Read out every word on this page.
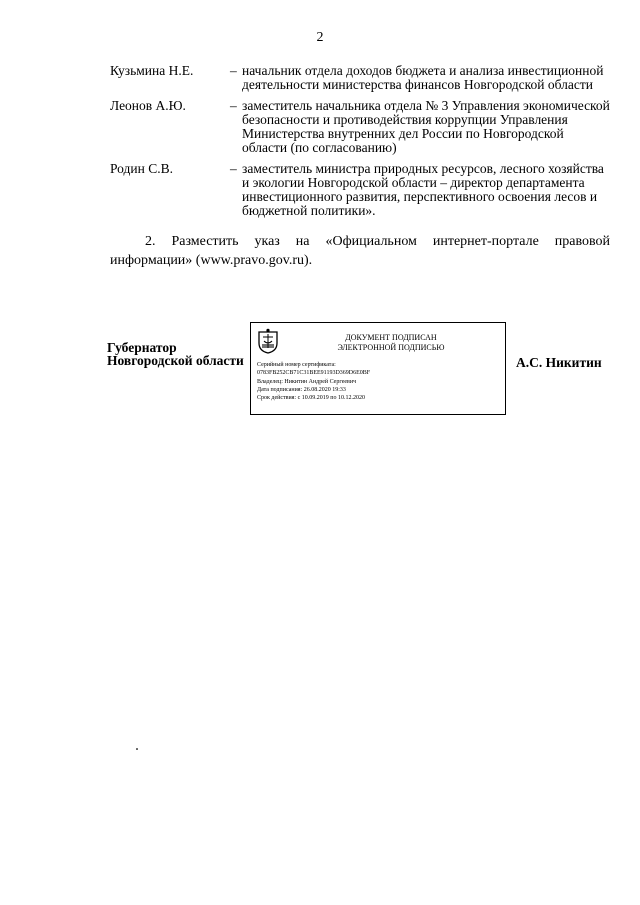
2
Кузьмина Н.Е.	– начальник отдела доходов бюджета и анализа инвестиционной деятельности министерства финансов Новгородской области
Леонов А.Ю.	– заместитель начальника отдела № 3 Управления экономической безопасности и противодействия коррупции Управления Министерства внутренних дел России по Новгородской области (по согласованию)
Родин С.В.	– заместитель министра природных ресурсов, лесного хозяйства и экологии Новгородской области – директор департамента инвестиционного развития, перспективного освоения лесов и бюджетной политики».
2. Разместить указ на «Официальном интернет-портале правовой информации» (www.pravo.gov.ru).
Губернатор
Новгородской области
ДОКУМЕНТ ПОДПИСАН
ЭЛЕКТРОННОЙ ПОДПИСЬЮ
Серийный номер сертификата:
0783FB252CB71C31BEE91193D369D6E0BF
Владелец: Никитин Андрей Сергеевич
Дата подписания: 26.08.2020 19:33
Срок действия: с 10.09.2019 по 10.12.2020
А.С. Никитин
